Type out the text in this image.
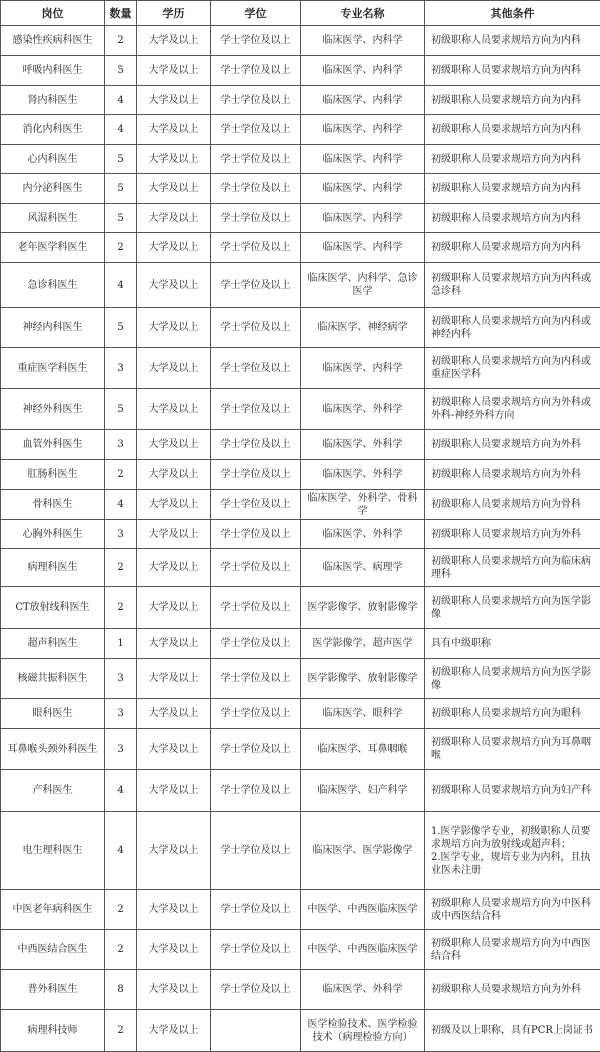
岗位	数量	学历	学位	专业名称	其他条件
感染性疾病科医生	2	大学及以上	学士学位及以上	临床医学、内科学	初级职称人员要求规培方向为内科
呼吸内科医生	5	大学及以上	学士学位及以上	临床医学、内科学	初级职称人员要求规培方向为内科
肾内科医生	4	大学及以上	学士学位及以上	临床医学、内科学	初级职称人员要求规培方向为内科
消化内科医生	4	大学及以上	学士学位及以上	临床医学、内科学	初级职称人员要求规培方向为内科
心内科医生	5	大学及以上	学士学位及以上	临床医学、内科学	初级职称人员要求规培方向为内科
内分泌科医生	5	大学及以上	学士学位及以上	临床医学、内科学	初级职称人员要求规培方向为内科
风湿科医生	5	大学及以上	学士学位及以上	临床医学、内科学	初级职称人员要求规培方向为内科
老年医学科医生	2	大学及以上	学士学位及以上	临床医学、内科学	初级职称人员要求规培方向为内科
急诊科医生	4	大学及以上	学士学位及以上	临床医学、内科学、急诊医学	初级职称人员要求规培方向为内科或急诊科
神经内科医生	5	大学及以上	学士学位及以上	临床医学、神经病学	初级职称人员要求规培方向为内科或神经内科
重症医学科医生	3	大学及以上	学士学位及以上	临床医学、内科学	初级职称人员要求规培方向为内科或重症医学科
神经外科医生	5	大学及以上	学士学位及以上	临床医学、外科学	初级职称人员要求规培方向为外科或外科-神经外科方向
血管外科医生	3	大学及以上	学士学位及以上	临床医学、外科学	初级职称人员要求规培方向为外科
肛肠科医生	2	大学及以上	学士学位及以上	临床医学、外科学	初级职称人员要求规培方向为外科
骨科医生	4	大学及以上	学士学位及以上	临床医学、外科学、骨科学	初级职称人员要求规培方向为骨科
心胸外科医生	3	大学及以上	学士学位及以上	临床医学、外科学	初级职称人员要求规培方向为外科
病理科医生	2	大学及以上	学士学位及以上	临床医学、病理学	初级职称人员要求规培方向为临床病理科
CT放射线科医生	2	大学及以上	学士学位及以上	医学影像学、放射影像学	初级职称人员要求规培方向为医学影像
超声科医生	1	大学及以上	学士学位及以上	医学影像学、超声医学	具有中级职称
核磁共振科医生	3	大学及以上	学士学位及以上	医学影像学、放射影像学	初级职称人员要求规培方向为医学影像
眼科医生	3	大学及以上	学士学位及以上	临床医学、眼科学	初级职称人员要求规培方向为眼科
耳鼻喉头颈外科医生	3	大学及以上	学士学位及以上	临床医学、耳鼻咽喉	初级职称人员要求规培方向为耳鼻咽喉
产科医生	4	大学及以上	学士学位及以上	临床医学、妇产科学	初级职称人员要求规培方向为妇产科
电生理科医生	4	大学及以上	学士学位及以上	临床医学、医学影像学	1.医学影像学专业，初级职称人员要求规培方向为放射线或超声科；
2.医学专业，规培专业为内科，且执业医未注册

中医老年病科医生	2	大学及以上	学士学位及以上	中医学、中西医临床医学	初级职称人员要求规培方向为中医科或中西医结合科
中西医结合医生	2	大学及以上	学士学位及以上	中医学、中西医临床医学	初级职称人员要求规培方向为中西医结合科
普外科医生	8	大学及以上	学士学位及以上	临床医学、外科学	初级职称人员要求规培方向为外科
病理科技师	2	大学及以上		医学检验技术、医学检验技术（病理检验方向）	初级及以上职称，具有PCR上岗证书
